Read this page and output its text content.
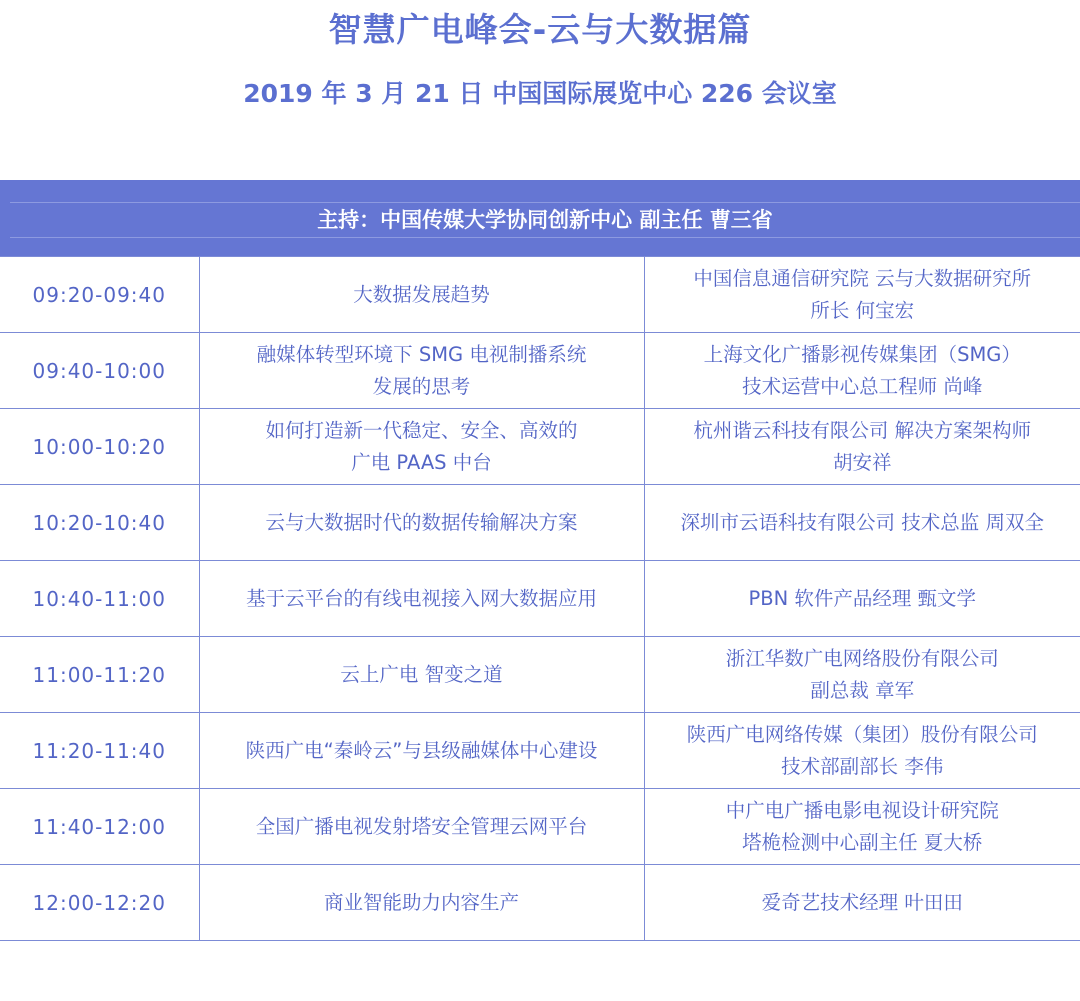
智慧广电峰会-云与大数据篇
2019 年 3 月 21 日 中国国际展览中心 226 会议室
主持：中国传媒大学协同创新中心 副主任 曹三省
09:20-09:40	大数据发展趋势	中国信息通信研究院 云与大数据研究所
所长 何宝宏

09:40-10:00	融媒体转型环境下 SMG 电视制播系统
发展的思考	上海文化广播影视传媒集团（SMG）
技术运营中心总工程师 尚峰

10:00-10:20	如何打造新一代稳定、安全、高效的
广电 PAAS 中台	杭州谐云科技有限公司 解决方案架构师
胡安祥

10:20-10:40	云与大数据时代的数据传输解决方案	深圳市云语科技有限公司 技术总监 周双全

10:40-11:00	基于云平台的有线电视接入网大数据应用	PBN 软件产品经理 甄文学

11:00-11:20	云上广电 智变之道	浙江华数广电网络股份有限公司
副总裁 章军

11:20-11:40	陕西广电“秦岭云”与县级融媒体中心建设	陕西广电网络传媒（集团）股份有限公司
技术部副部长 李伟

11:40-12:00	全国广播电视发射塔安全管理云网平台	中广电广播电影电视设计研究院
塔桅检测中心副主任 夏大桥

12:00-12:20	商业智能助力内容生产	爱奇艺技术经理 叶田田
